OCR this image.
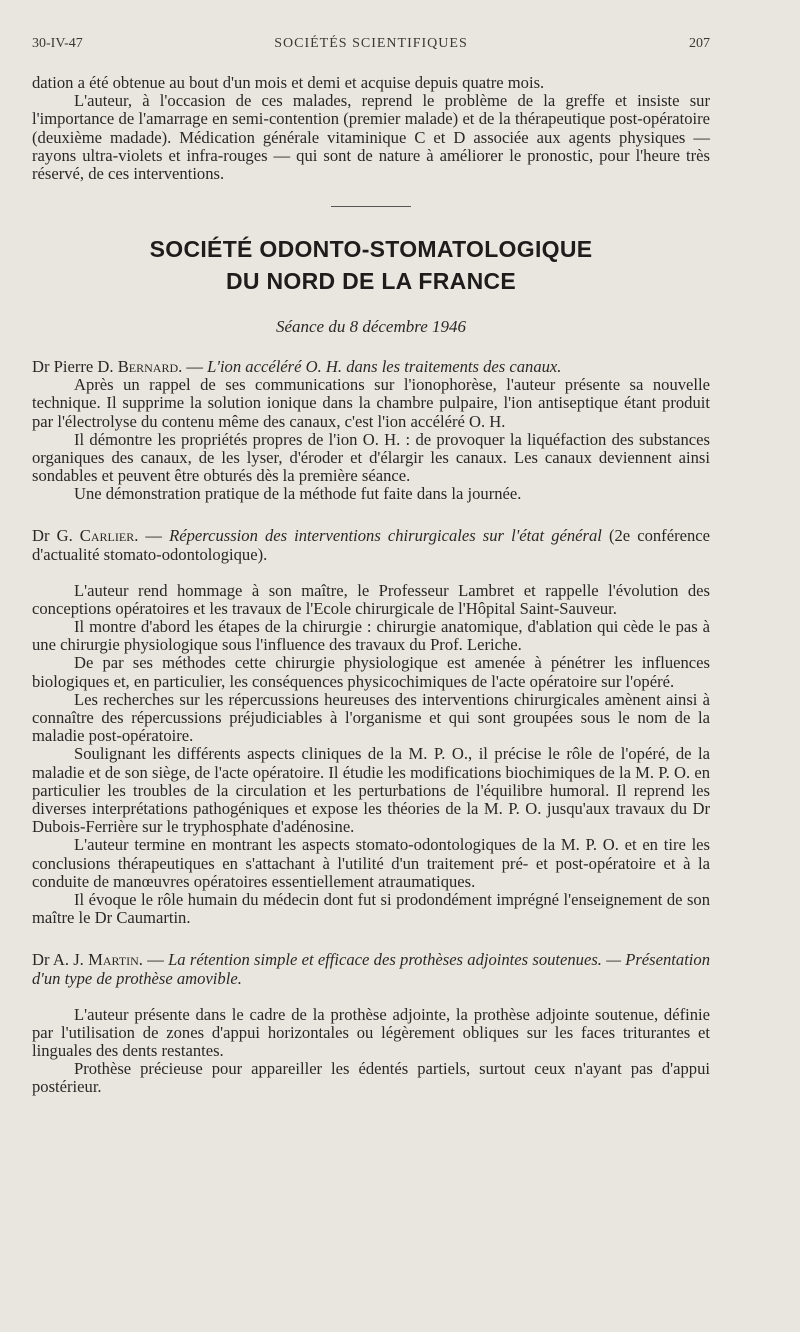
30-IV-47	SOCIÉTÉS SCIENTIFIQUES	207

dation a été obtenue au bout d'un mois et demi et acquise depuis quatre mois.

L'auteur, à l'occasion de ces malades, reprend le problème de la greffe et insiste sur l'importance de l'amarrage en semi-contention (premier malade) et de la thérapeutique post-opératoire (deuxième madade). Médication générale vitaminique C et D associée aux agents physiques — rayons ultra-violets et infra-rouges — qui sont de nature à améliorer le pronostic, pour l'heure très réservé, de ces interventions.

SOCIÉTÉ ODONTO-STOMATOLOGIQUE
DU NORD DE LA FRANCE
Séance du 8 décembre 1946
Dr Pierre D. Bernard. — L'ion accéléré O. H. dans les traitements des canaux.

Après un rappel de ses communications sur l'ionophorèse, l'auteur présente sa nouvelle technique. Il supprime la solution ionique dans la chambre pulpaire, l'ion antiseptique étant produit par l'électrolyse du contenu même des canaux, c'est l'ion accéléré O. H.

Il démontre les propriétés propres de l'ion O. H. : de provoquer la liquéfaction des substances organiques des canaux, de les lyser, d'éroder et d'élargir les canaux. Les canaux deviennent ainsi sondables et peuvent être obturés dès la première séance.

Une démonstration pratique de la méthode fut faite dans la journée.

Dr G. Carlier. — Répercussion des interventions chirurgicales sur l'état général (2e conférence d'actualité stomato-odontologique).

L'auteur rend hommage à son maître, le Professeur Lambret et rappelle l'évolution des conceptions opératoires et les travaux de l'Ecole chirurgicale de l'Hôpital Saint-Sauveur.

Il montre d'abord les étapes de la chirurgie : chirurgie anatomique, d'ablation qui cède le pas à une chirurgie physiologique sous l'influence des travaux du Prof. Leriche.

De par ses méthodes cette chirurgie physiologique est amenée à pénétrer les influences biologiques et, en particulier, les conséquences physicochimiques de l'acte opératoire sur l'opéré.

Les recherches sur les répercussions heureuses des interventions chirurgicales amènent ainsi à connaître des répercussions préjudiciables à l'organisme et qui sont groupées sous le nom de la maladie post-opératoire.

Soulignant les différents aspects cliniques de la M. P. O., il précise le rôle de l'opéré, de la maladie et de son siège, de l'acte opératoire. Il étudie les modifications biochimiques de la M. P. O. en particulier les troubles de la circulation et les perturbations de l'équilibre humoral. Il reprend les diverses interprétations pathogéniques et expose les théories de la M. P. O. jusqu'aux travaux du Dr Dubois-Ferrière sur le tryphosphate d'adénosine.

L'auteur termine en montrant les aspects stomato-odontologiques de la M. P. O. et en tire les conclusions thérapeutiques en s'attachant à l'utilité d'un traitement pré- et post-opératoire et à la conduite de manœuvres opératoires essentiellement atraumatiques.

Il évoque le rôle humain du médecin dont fut si prodondément imprégné l'enseignement de son maître le Dr Caumartin.

Dr A. J. Martin. — La rétention simple et efficace des prothèses adjointes soutenues. — Présentation d'un type de prothèse amovible.

L'auteur présente dans le cadre de la prothèse adjointe, la prothèse adjointe soutenue, définie par l'utilisation de zones d'appui horizontales ou légèrement obliques sur les faces triturantes et linguales des dents restantes.

Prothèse précieuse pour appareiller les édentés partiels, surtout ceux n'ayant pas d'appui postérieur.
